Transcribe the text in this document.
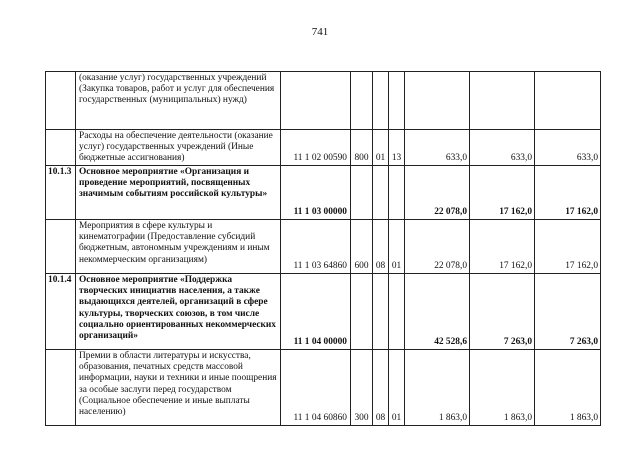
741
	(оказание услуг) государственных учреждений (Закупка товаров, работ и услуг для обеспечения государственных (муниципальных) нужд)							
	Расходы на обеспечение деятельности (оказание услуг) государственных учреждений (Иные бюджетные ассигнования)	11 1 02 00590	800	01	13	633,0	633,0	633,0
10.1.3	Основное мероприятие «Организация и проведение мероприятий, посвященных значимым событиям российской культуры»	11 1 03 00000				22 078,0	17 162,0	17 162,0
	Мероприятия в сфере культуры и кинематографии (Предоставление субсидий бюджетным, автономным учреждениям и иным некоммерческим организациям)	11 1 03 64860	600	08	01	22 078,0	17 162,0	17 162,0
10.1.4	Основное мероприятие «Поддержка творческих инициатив населения, а также выдающихся деятелей, организаций в сфере культуры, творческих союзов, в том числе социально ориентированных некоммерческих организаций»	11 1 04 00000				42 528,6	7 263,0	7 263,0
	Премии в области литературы и искусства, образования, печатных средств массовой информации, науки и техники и иные поощрения за особые заслуги перед государством (Социальное обеспечение и иные выплаты населению)	11 1 04 60860	300	08	01	1 863,0	1 863,0	1 863,0
